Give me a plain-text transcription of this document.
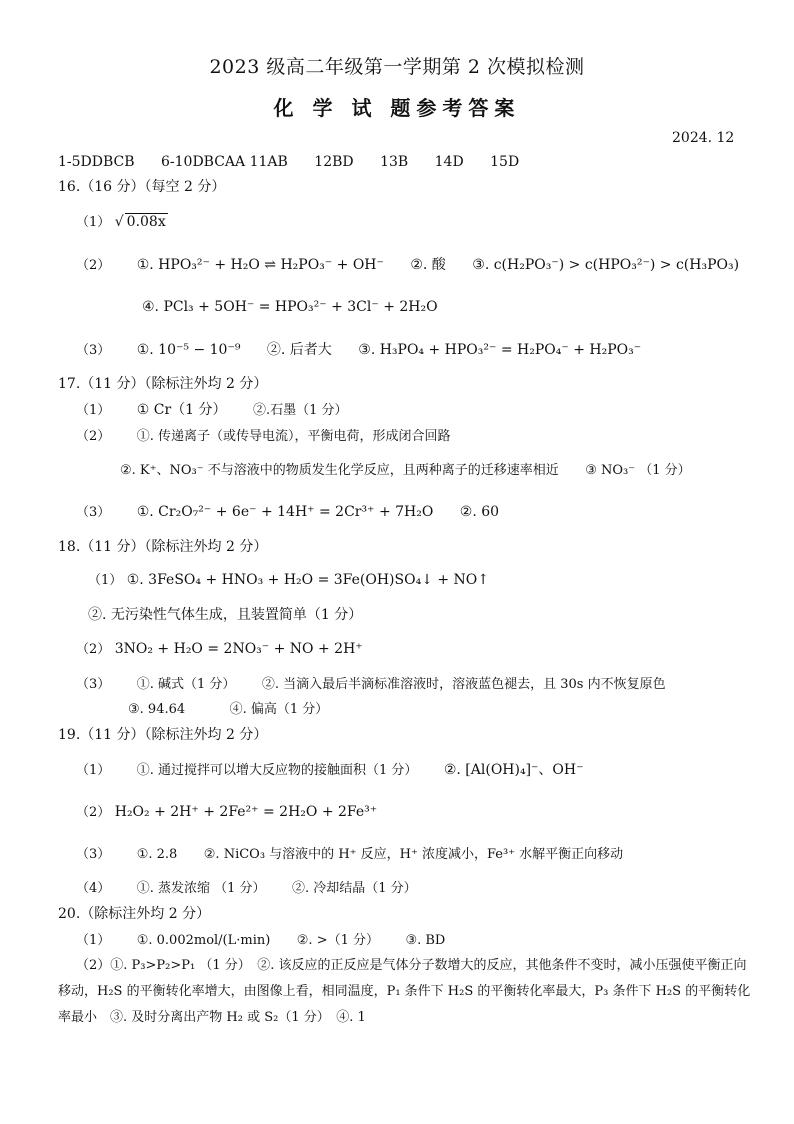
2023 级高二年级第一学期第 2 次模拟检测
化 学 试 题参考答案
2024. 12
1-5DDBCB 6-10DBCAA 11AB 12BD 13B 14D 15D
16.（16 分）（每空 2 分）
（1） √ 0.08x
（2） ①. HPO₃²⁻ + H₂O ⇌ H₂PO₃⁻ + OH⁻ ②. 酸 ③. c(H₂PO₃⁻) > c(HPO₃²⁻) > c(H₃PO₃)
④. PCl₃ + 5OH⁻ = HPO₃²⁻ + 3Cl⁻ + 2H₂O
（3） ①. 10⁻⁵ − 10⁻⁹ ②. 后者大 ③. H₃PO₄ + HPO₃²⁻ = H₂PO₄⁻ + H₂PO₃⁻
17.（11 分）（除标注外均 2 分）
（1） ① Cr（1 分） ②.石墨（1 分）
（2） ①. 传递离子（或传导电流），平衡电荷，形成闭合回路
②. K⁺、NO₃⁻ 不与溶液中的物质发生化学反应，且两种离子的迁移速率相近 ③ NO₃⁻ （1 分）
（3） ①. Cr₂O₇²⁻ + 6e⁻ + 14H⁺ = 2Cr³⁺ + 7H₂O ②. 60
18.（11 分）（除标注外均 2 分）
（1） ①. 3FeSO₄ + HNO₃ + H₂O = 3Fe(OH)SO₄↓ + NO↑
②. 无污染性气体生成，且装置简单（1 分）
（2） 3NO₂ + H₂O = 2NO₃⁻ + NO + 2H⁺
（3） ①. 碱式（1 分） ②. 当滴入最后半滴标准溶液时，溶液蓝色褪去，且 30s 内不恢复原色
③. 94.64	④. 偏高（1 分）
19.（11 分）（除标注外均 2 分）
（1） ①. 通过搅拌可以增大反应物的接触面积（1 分） ②. [Al(OH)₄]⁻、OH⁻
（2） H₂O₂ + 2H⁺ + 2Fe²⁺ = 2H₂O + 2Fe³⁺
（3） ①. 2.8 ②. NiCO₃ 与溶液中的 H⁺ 反应，H⁺ 浓度减小，Fe³⁺ 水解平衡正向移动
（4） ①. 蒸发浓缩 （1 分） ②. 冷却结晶（1 分）
20.（除标注外均 2 分）
（1） ①. 0.002mol/(L·min) ②. >（1 分） ③. BD
（2）①. P₃>P₂>P₁ （1 分）　②. 该反应的正反应是气体分子数增大的反应，其他条件不变时，减小压强使平衡正向移动，H₂S 的平衡转化率增大，由图像上看，相同温度，P₁ 条件下 H₂S 的平衡转化率最大，P₃ 条件下 H₂S 的平衡转化率最小　③. 及时分离出产物 H₂ 或 S₂（1 分）　④. 1
